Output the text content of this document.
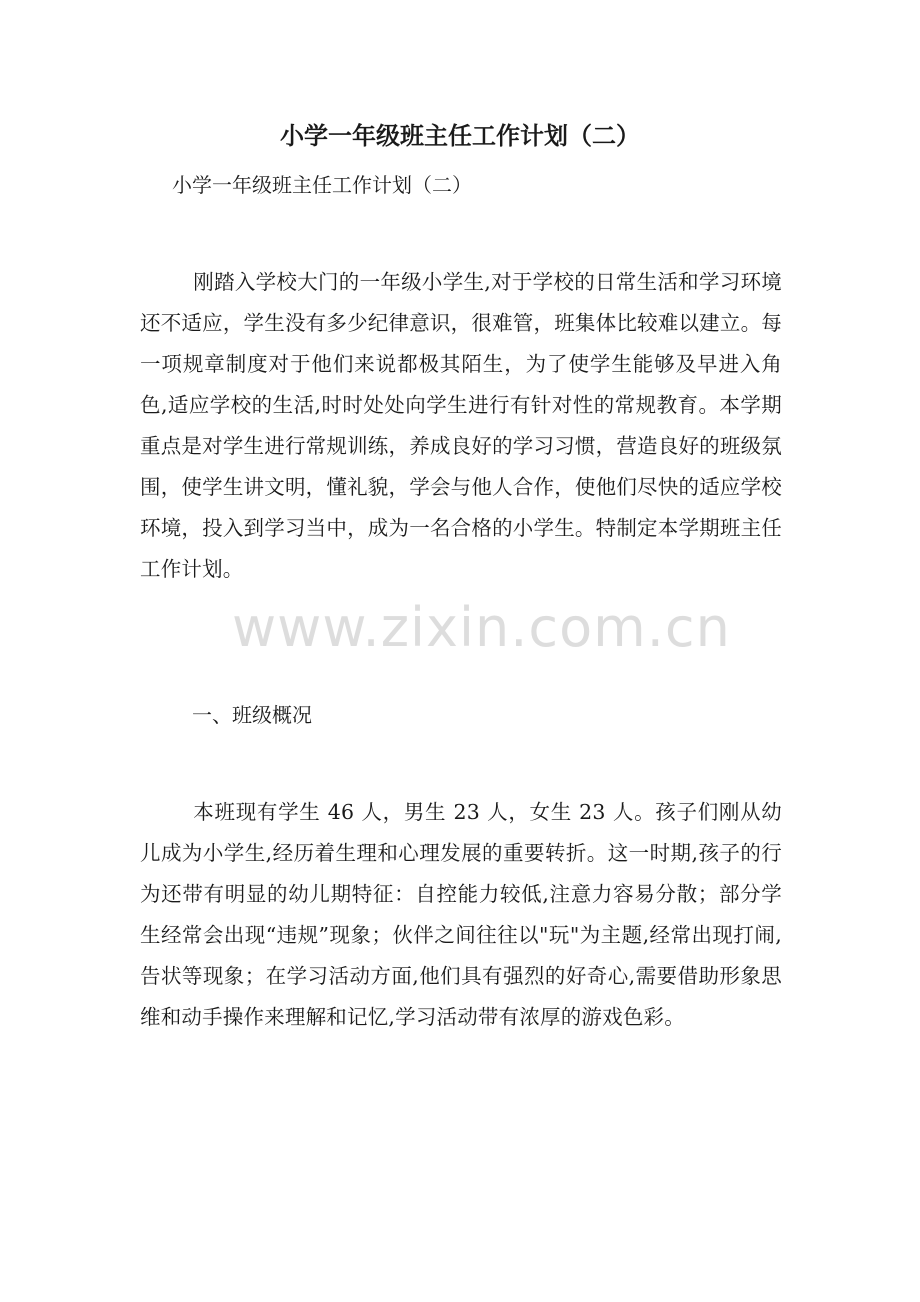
小学一年级班主任工作计划（二）

小学一年级班主任工作计划（二）

刚踏入学校大门的一年级小学生,对于学校的日常生活和学习环境还不适应，学生没有多少纪律意识，很难管，班集体比较难以建立。每一项规章制度对于他们来说都极其陌生，为了使学生能够及早进入角色,适应学校的生活,时时处处向学生进行有针对性的常规教育。本学期重点是对学生进行常规训练，养成良好的学习习惯，营造良好的班级氛围，使学生讲文明，懂礼貌，学会与他人合作，使他们尽快的适应学校环境，投入到学习当中，成为一名合格的小学生。特制定本学期班主任工作计划。

一、班级概况

本班现有学生 46 人，男生 23 人，女生 23 人。孩子们刚从幼儿成为小学生,经历着生理和心理发展的重要转折。这一时期,孩子的行为还带有明显的幼儿期特征：自控能力较低,注意力容易分散；部分学生经常会出现“违规”现象；伙伴之间往往以"玩"为主题,经常出现打闹,告状等现象；在学习活动方面,他们具有强烈的好奇心,需要借助形象思维和动手操作来理解和记忆,学习活动带有浓厚的游戏色彩。

www.zixin.com.cn
